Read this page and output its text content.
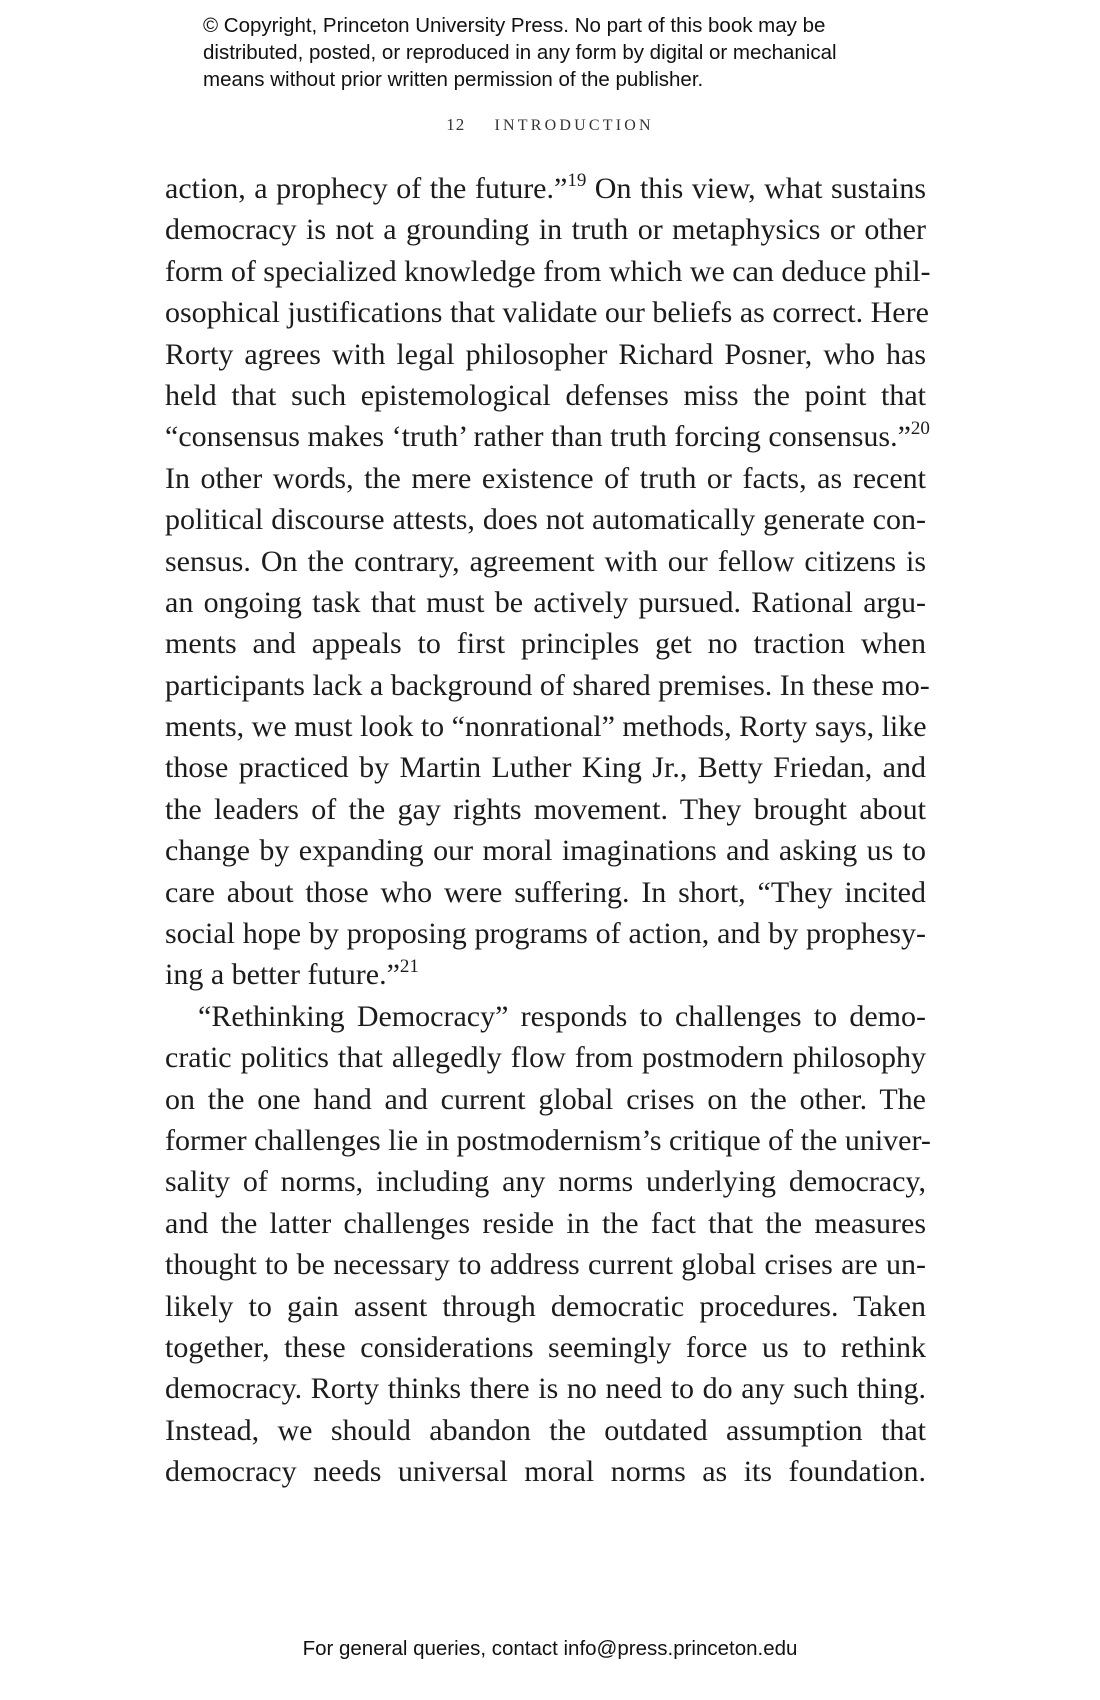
© Copyright, Princeton University Press. No part of this book may be
distributed, posted, or reproduced in any form by digital or mechanical
means without prior written permission of the publisher.
12 INTRODUCTION
action, a prophecy of the future.”$^{19}$ On this view, what sustains
democracy is not a grounding in truth or metaphysics or other
form of specialized knowledge from which we can deduce phil-
osophical justifications that validate our beliefs as correct. Here
Rorty agrees with legal philosopher Richard Posner, who has
held that such epistemological defenses miss the point that
“consensus makes ‘truth’ rather than truth forcing consensus.”$^{20}$
In other words, the mere existence of truth or facts, as recent
political discourse attests, does not automatically generate con-
sensus. On the contrary, agreement with our fellow citizens is
an ongoing task that must be actively pursued. Rational argu-
ments and appeals to first principles get no traction when
participants lack a background of shared premises. In these mo-
ments, we must look to “nonrational” methods, Rorty says, like
those practiced by Martin Luther King Jr., Betty Friedan, and
the leaders of the gay rights movement. They brought about
change by expanding our moral imaginations and asking us to
care about those who were suffering. In short, “They incited
social hope by proposing programs of action, and by prophesy-
ing a better future.”$^{21}$
“Rethinking Democracy” responds to challenges to demo-
cratic politics that allegedly flow from postmodern philosophy
on the one hand and current global crises on the other. The
former challenges lie in postmodernism’s critique of the univer-
sality of norms, including any norms underlying democracy,
and the latter challenges reside in the fact that the measures
thought to be necessary to address current global crises are un-
likely to gain assent through democratic procedures. Taken
together, these considerations seemingly force us to rethink
democracy. Rorty thinks there is no need to do any such thing.
Instead, we should abandon the outdated assumption that
democracy needs universal moral norms as its foundation.
For general queries, contact info@press.princeton.edu
